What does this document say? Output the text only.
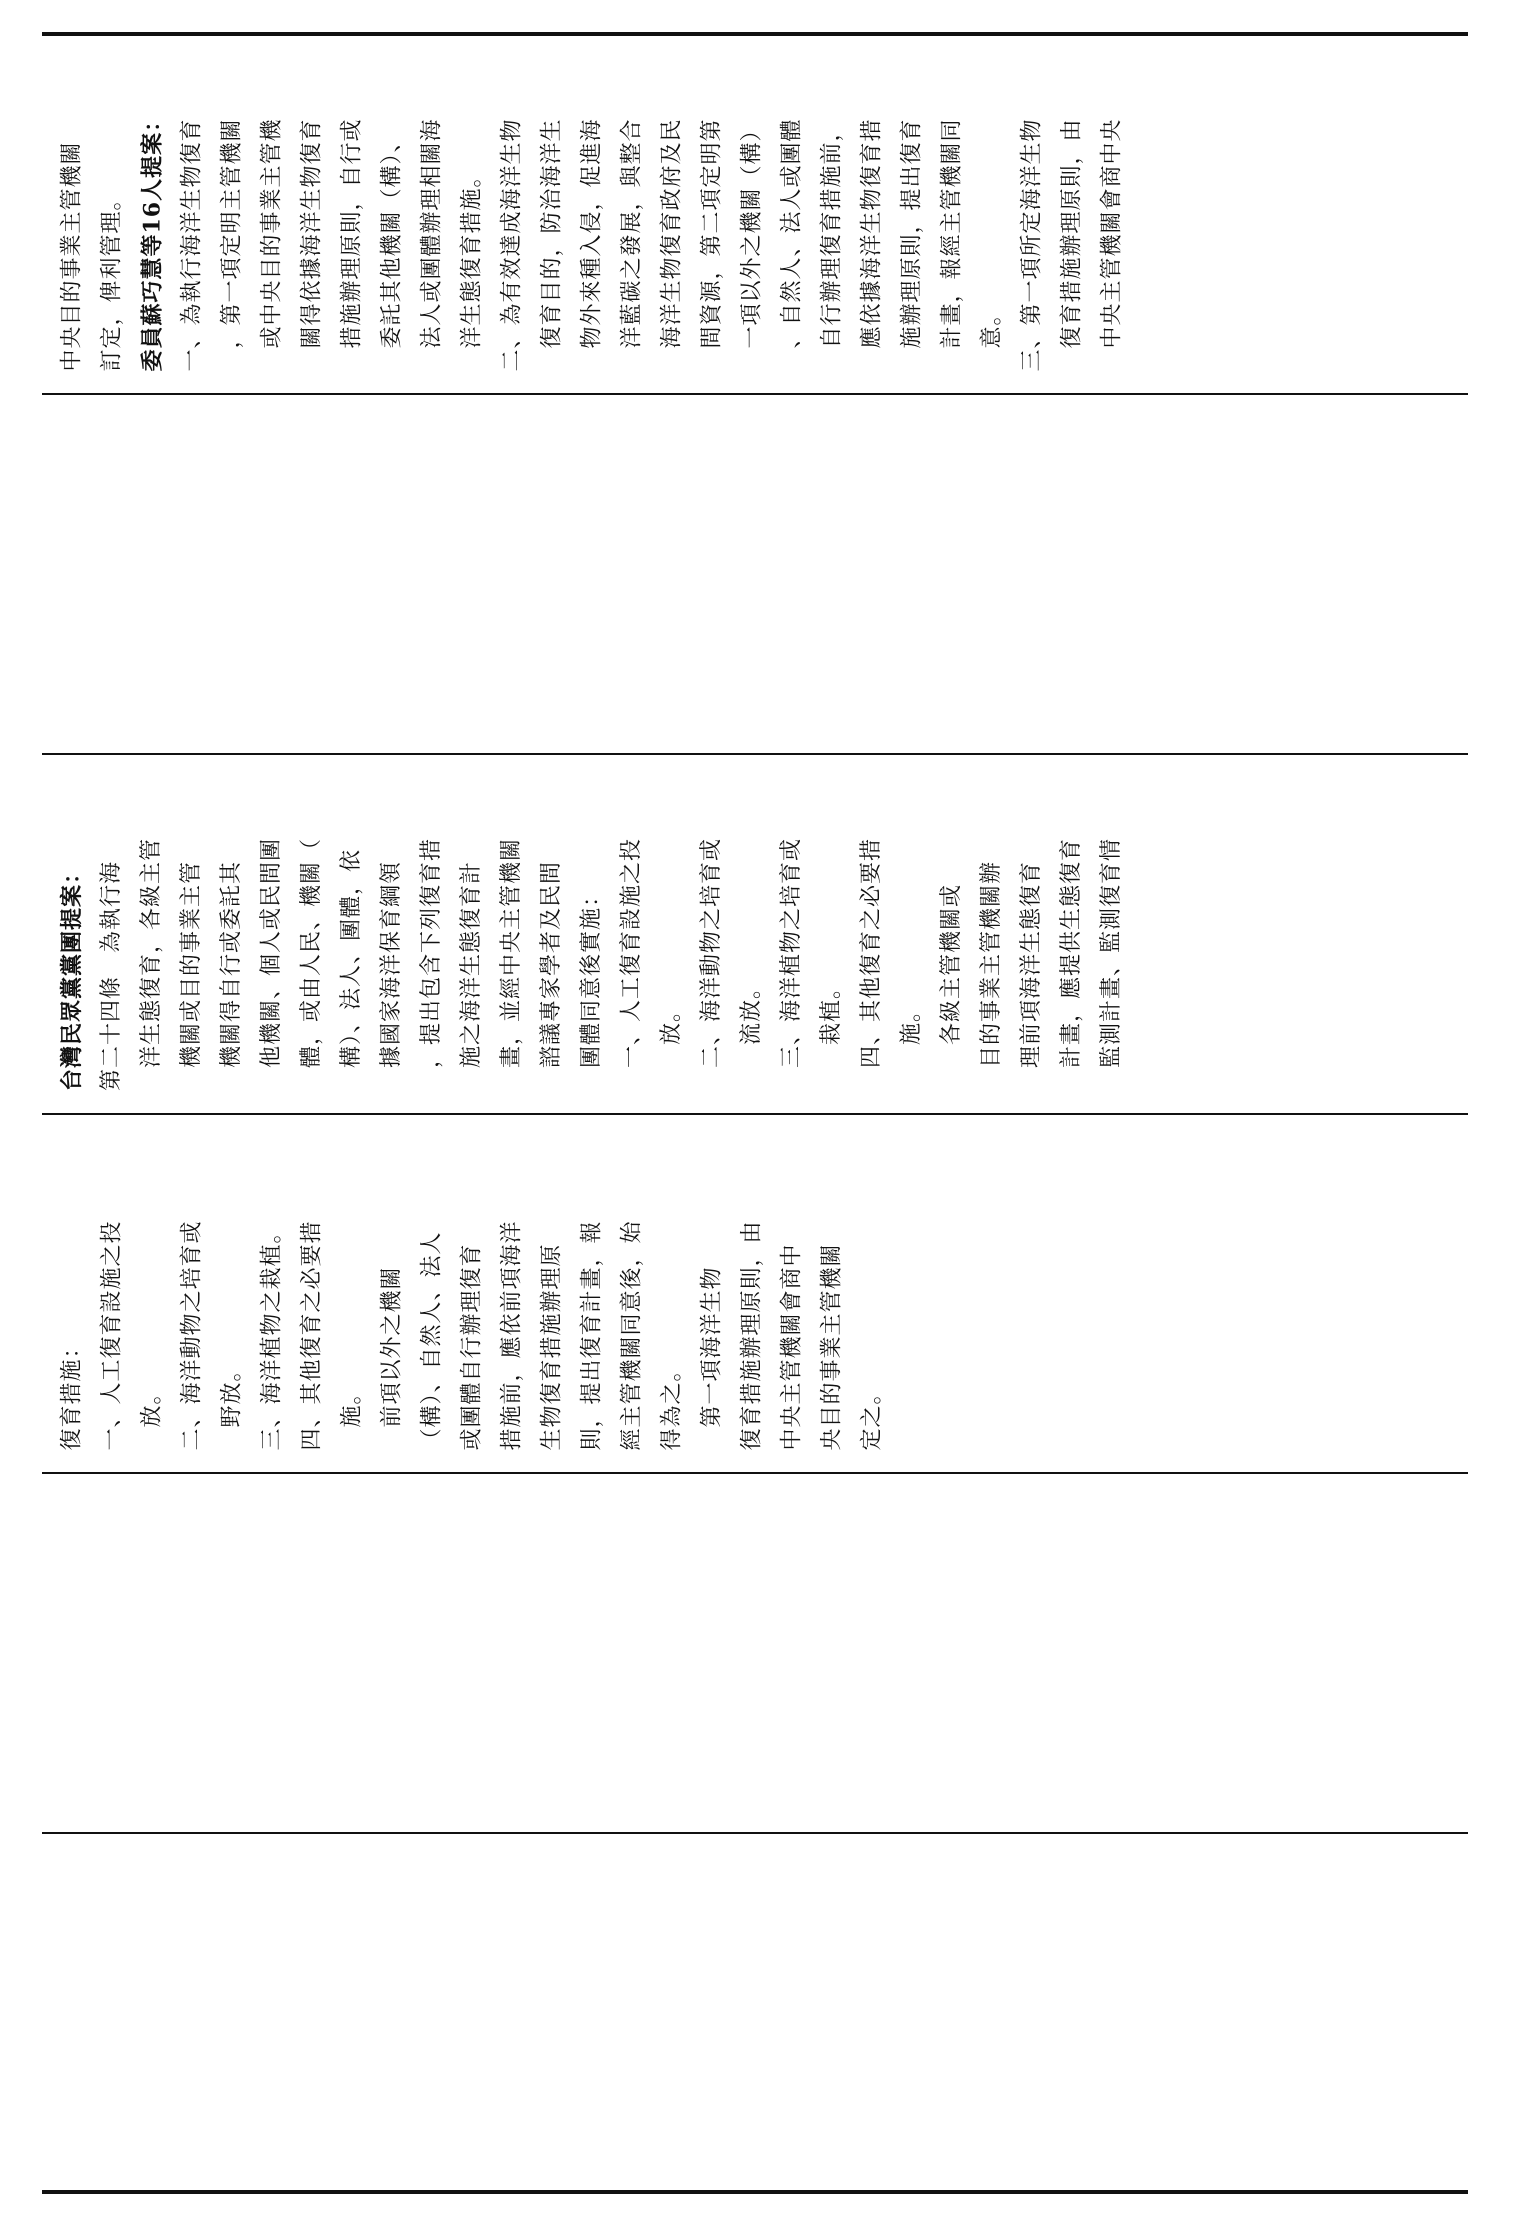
中央目的事業主管機關 訂定，俾利管理。 委員蘇巧慧等16人提案： 一、為執行海洋生物復育 　，第一項定明主管機關 　或中央目的事業主管機 　關得依據海洋生物復育 　措施辦理原則，自行或 　委託其他機關（構）、 　法人或團體辦理相關海 　洋生態復育措施。 二、為有效達成海洋生物 　復育目的，防治海洋生 　物外來種入侵，促進海 　洋藍碳之發展，與整合 　海洋生物復育政府及民 　間資源，第二項定明第 　一項以外之機關（構） 　、自然人、法人或團體 　自行辦理復育措施前， 　應依據海洋生物復育措 　施辦理原則，提出復育 　計畫，報經主管機關同 　意。 三、第一項所定海洋生物 　復育措施辦理原則，由 　中央主管機關會商中央
台灣民眾黨黨團提案： 第二十四條　為執行海 　洋生態復育，各級主管 　機關或目的事業主管 　機關得自行或委託其 　他機關、個人或民間團 　體，或由人民、機關（ 　構）、法人、團體，依 　據國家海洋保育綱領 　，提出包含下列復育措 　施之海洋生態復育計 　畫，並經中央主管機關 　諮議專家學者及民間 　團體同意後實施： 　一、人工復育設施之投 　　放。 　二、海洋動物之培育或 　　流放。 　三、海洋植物之培育或 　　栽植。 　四、其他復育之必要措 　　施。 　　各級主管機關或 　目的事業主管機關辦 　理前項海洋生態復育 　計畫，應提供生態復育 　監測計畫、監測復育情
復育措施： 一、人工復育設施之投 　放。 二、海洋動物之培育或 　野放。 三、海洋植物之栽植。 四、其他復育之必要措 　施。 　前項以外之機關 （構）、自然人、法人 或團體自行辦理復育 措施前，應依前項海洋 生物復育措施辦理原 則，提出復育計畫，報 經主管機關同意後，始 得為之。 　第一項海洋生物 復育措施辦理原則，由 中央主管機關會商中 央目的事業主管機關 定之。
